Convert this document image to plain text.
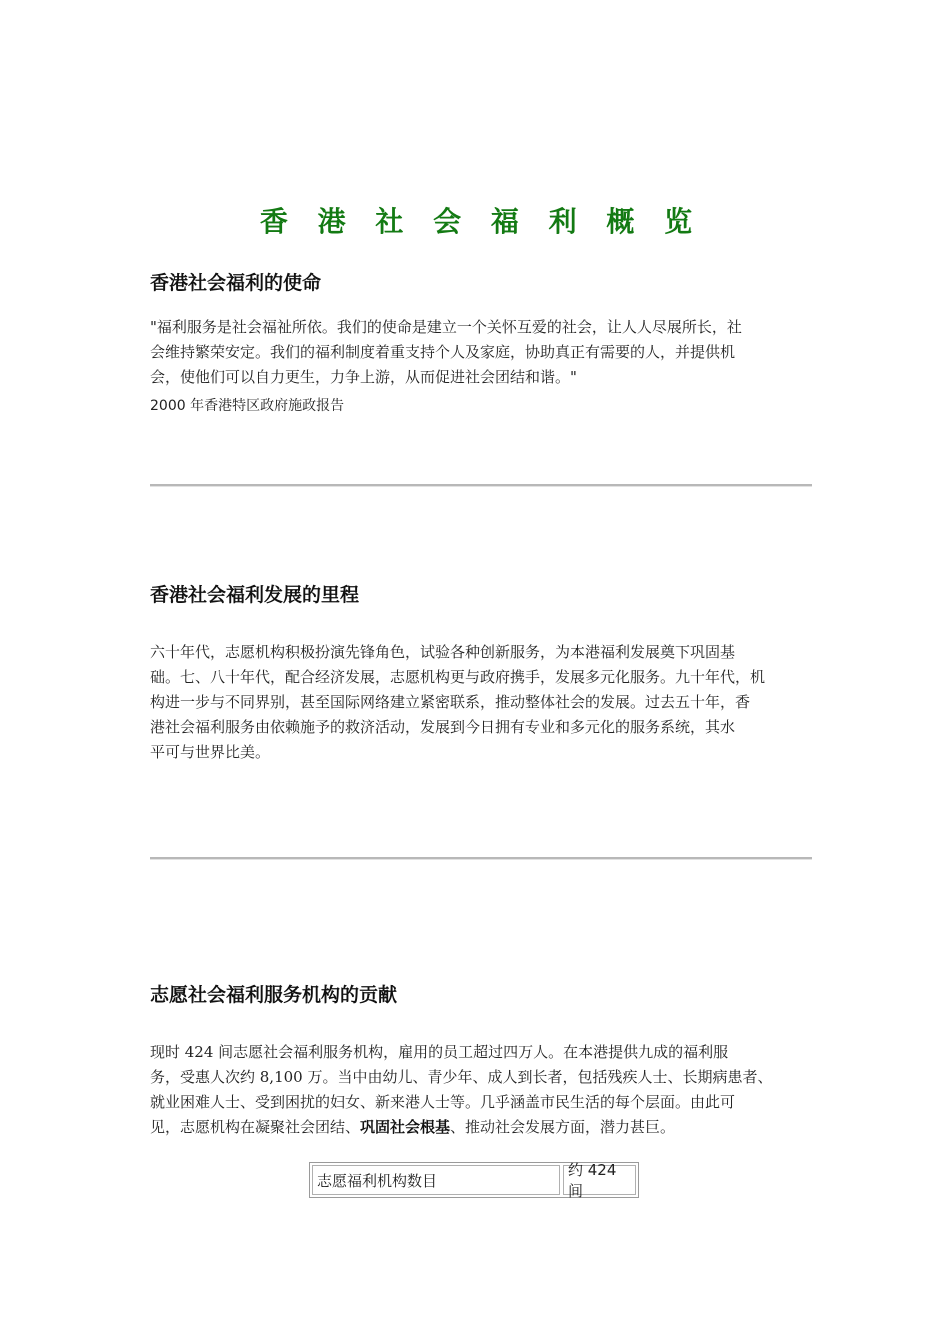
香 港 社 会 福 利 概 览
香港社会福利的使命
"福利服务是社会福祉所依。我们的使命是建立一个关怀互爱的社会，让人人尽展所长，社
会维持繁荣安定。我们的福利制度着重支持个人及家庭，协助真正有需要的人，并提供机
会，使他们可以自力更生，力争上游，从而促进社会团结和谐。"
2000 年香港特区政府施政报告
香港社会福利发展的里程
六十年代，志愿机构积极扮演先锋角色，试验各种创新服务，为本港福利发展奠下巩固基
础。七、八十年代，配合经济发展，志愿机构更与政府携手，发展多元化服务。九十年代，机
构进一步与不同界别，甚至国际网络建立紧密联系，推动整体社会的发展。过去五十年，香
港社会福利服务由依赖施予的救济活动，发展到今日拥有专业和多元化的服务系统，其水
平可与世界比美。
志愿社会福利服务机构的贡献
现时 424 间志愿社会福利服务机构，雇用的员工超过四万人。在本港提供九成的福利服
务，受惠人次约 8,100 万。当中由幼儿、青少年、成人到长者，包括残疾人士、长期病患者、
就业困难人士、受到困扰的妇女、新来港人士等。几乎涵盖市民生活的每个层面。由此可
见，志愿机构在凝聚社会团结、巩固社会根基、推动社会发展方面，潜力甚巨。
志愿福利机构数目
约 424 间
